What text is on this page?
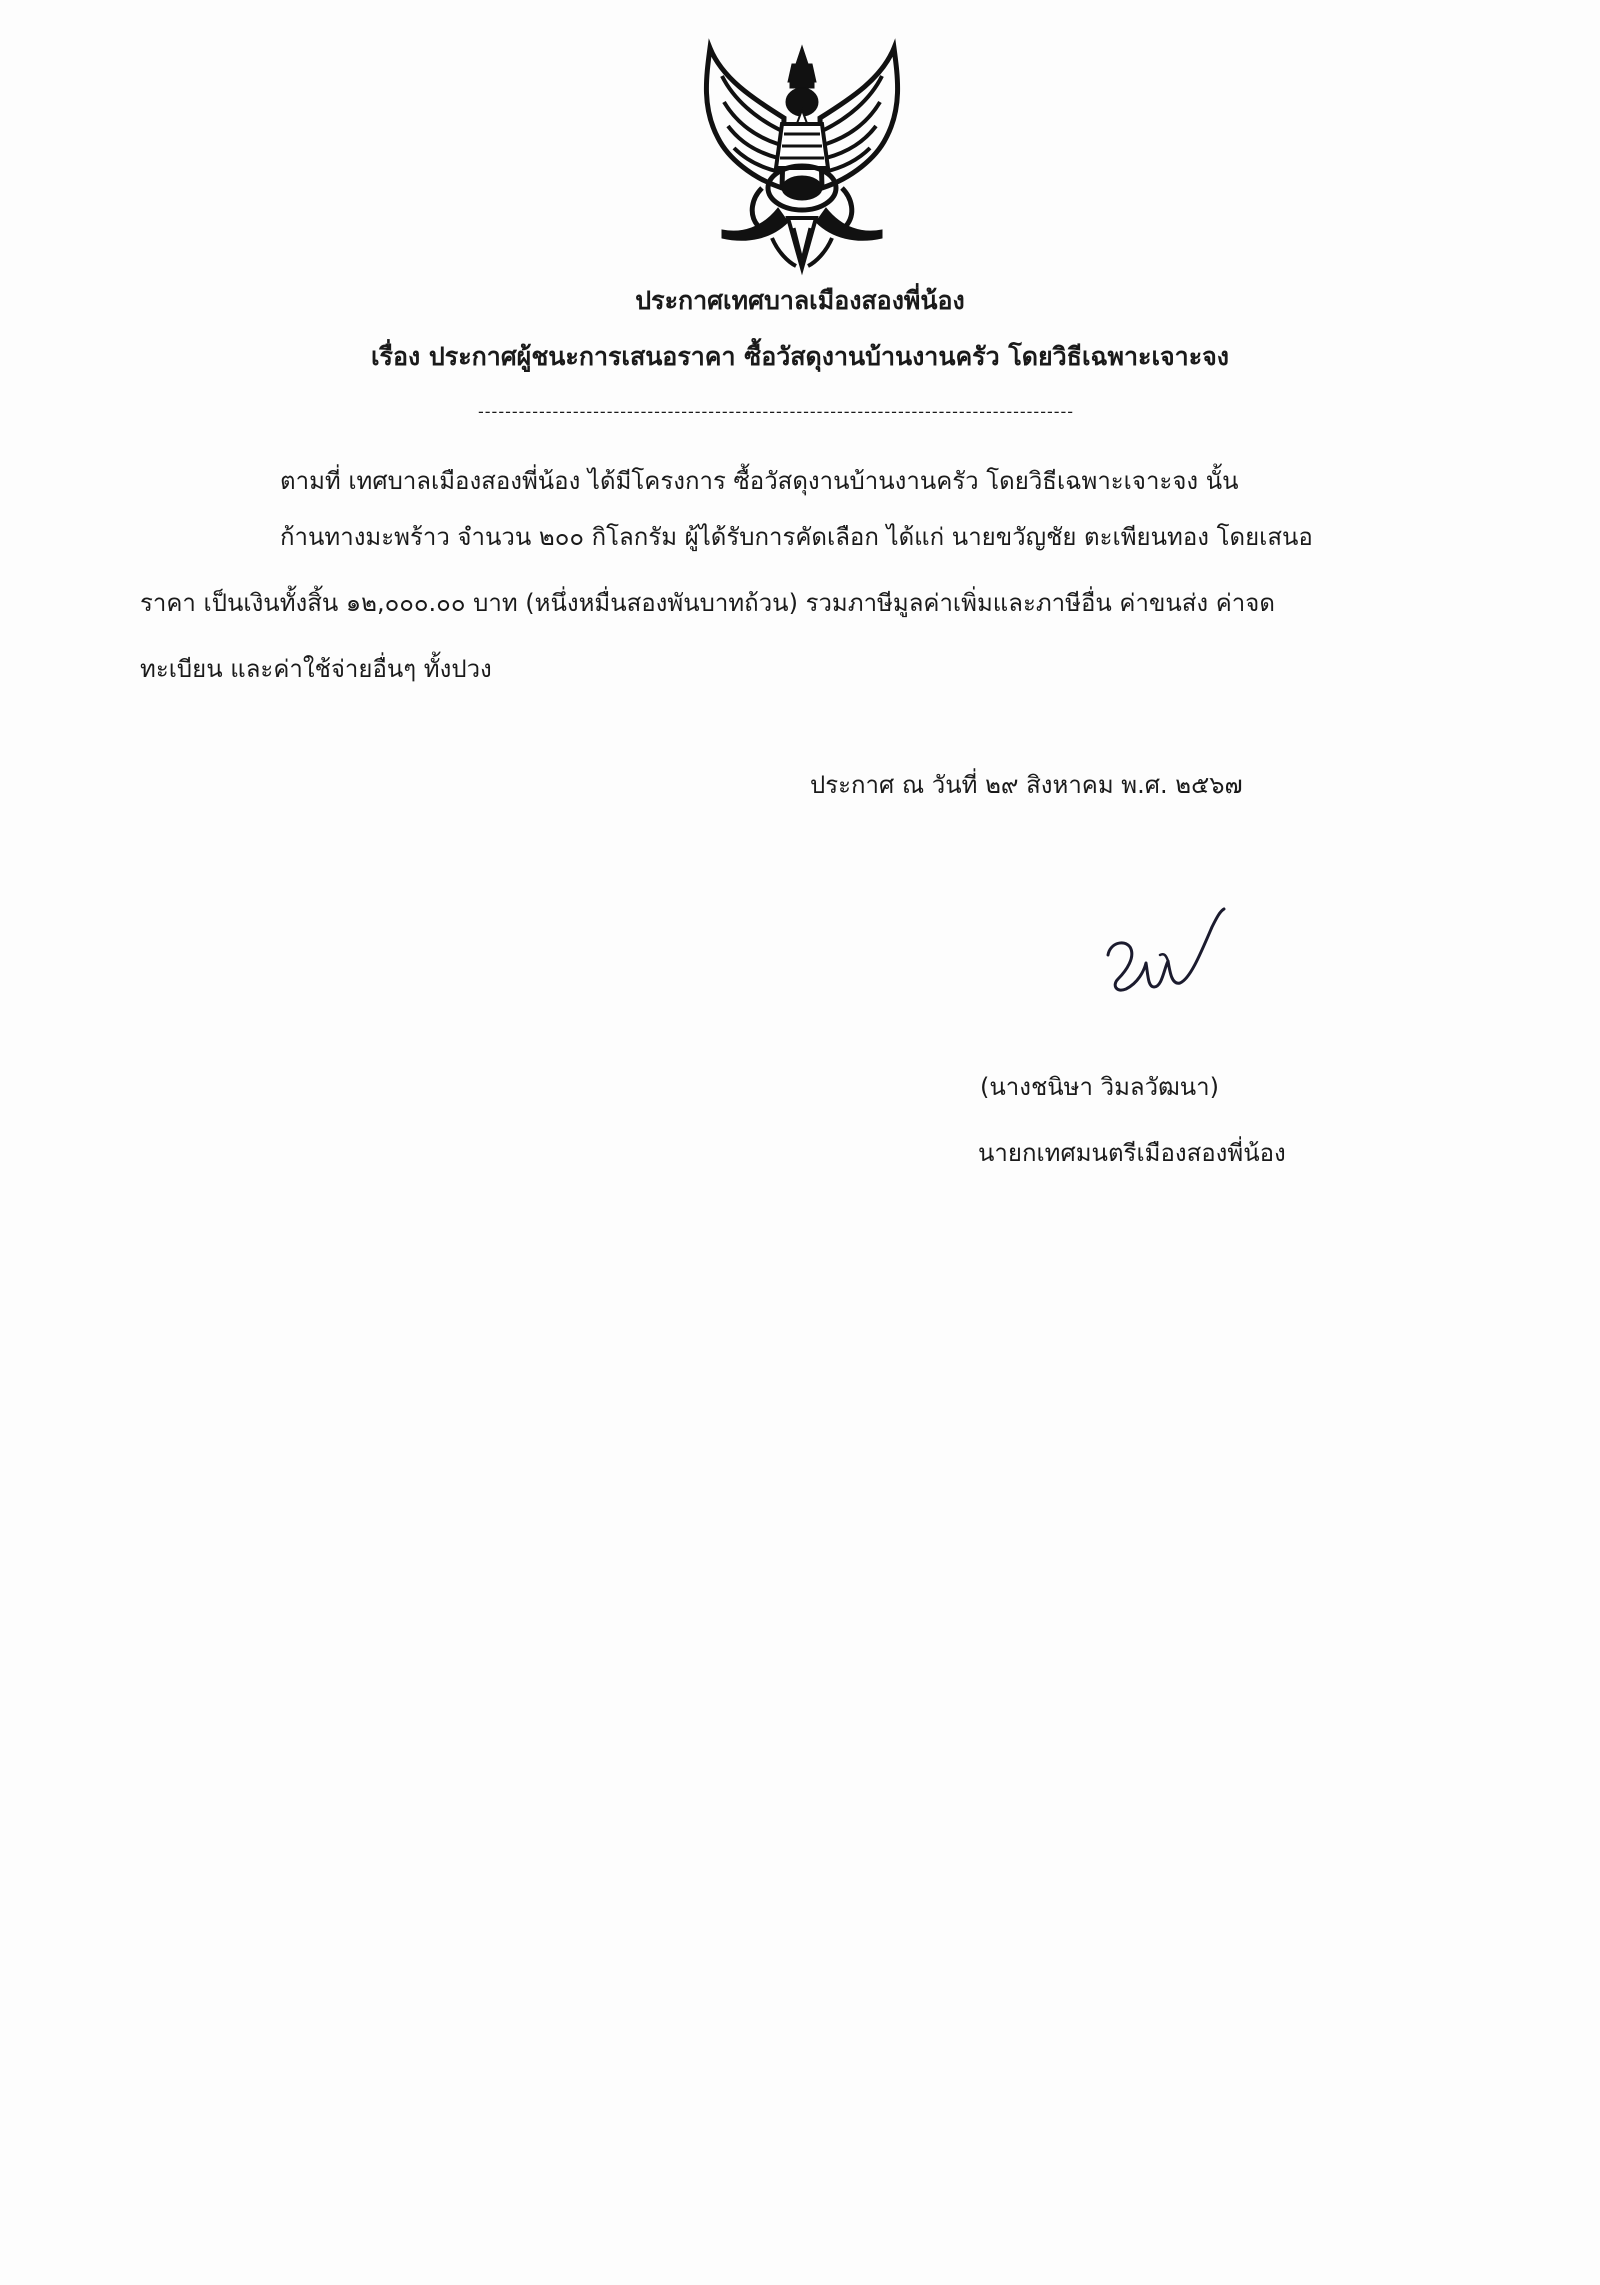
ประกาศเทศบาลเมืองสองพี่น้อง
เรื่อง ประกาศผู้ชนะการเสนอราคา ซื้อวัสดุงานบ้านงานครัว โดยวิธีเฉพาะเจาะจง
----------------------------------------------------------------------------------------
ตามที่ เทศบาลเมืองสองพี่น้อง ได้มีโครงการ ซื้อวัสดุงานบ้านงานครัว โดยวิธีเฉพาะเจาะจง นั้น
ก้านทางมะพร้าว จำนวน ๒๐๐ กิโลกรัม ผู้ได้รับการคัดเลือก ได้แก่ นายขวัญชัย ตะเพียนทอง โดยเสนอ
ราคา เป็นเงินทั้งสิ้น ๑๒,๐๐๐.๐๐ บาท (หนึ่งหมื่นสองพันบาทถ้วน) รวมภาษีมูลค่าเพิ่มและภาษีอื่น ค่าขนส่ง ค่าจด
ทะเบียน และค่าใช้จ่ายอื่นๆ ทั้งปวง
ประกาศ ณ วันที่ ๒๙ สิงหาคม พ.ศ. ๒๕๖๗
(นางชนิษา วิมลวัฒนา)
นายกเทศมนตรีเมืองสองพี่น้อง
